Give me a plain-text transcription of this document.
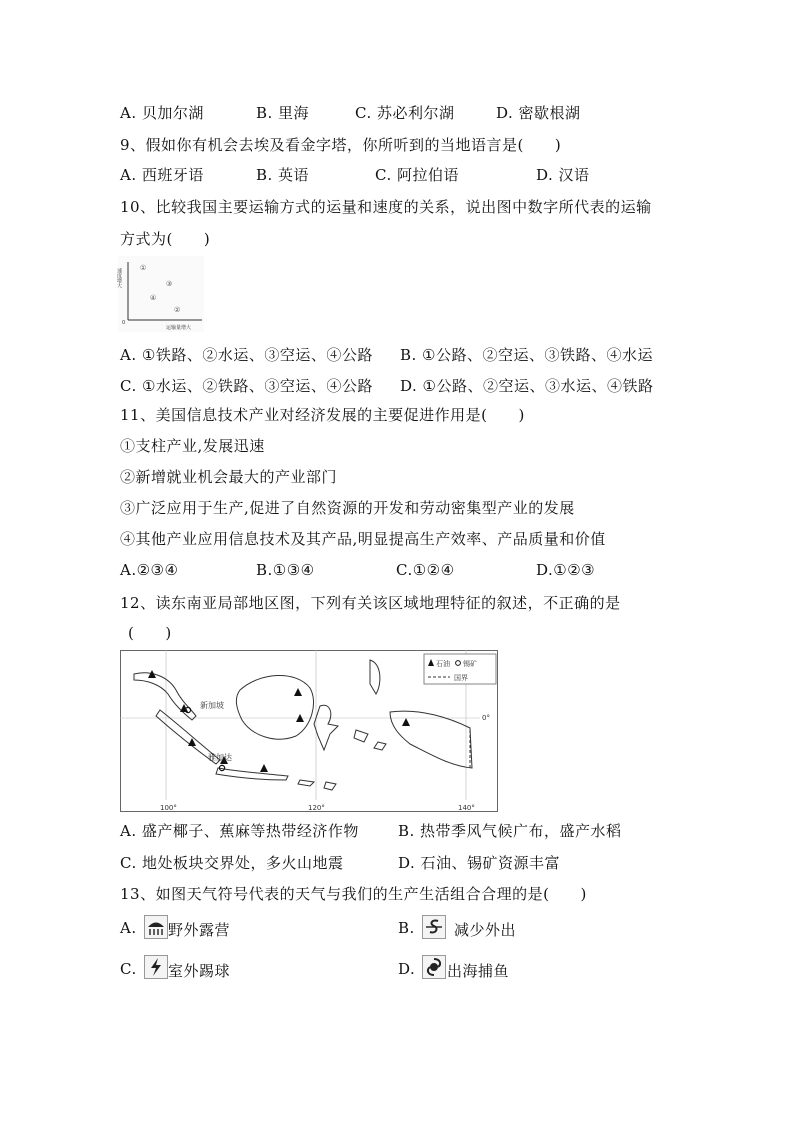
A. 贝加尔湖	B. 里海	C. 苏必利尔湖	D. 密歇根湖
9、假如你有机会去埃及看金字塔，你所听到的当地语言是(　　)
A. 西班牙语	B. 英语	C. 阿拉伯语	D. 汉语
10、比较我国主要运输方式的运量和速度的关系，说出图中数字所代表的运输
方式为(　　)
速度增大
0
运输量增大
①
③
④
②
A. ①铁路、②水运、③空运、④公路 B. ①公路、②空运、③铁路、④水运
C. ①水运、②铁路、③空运、④公路 D. ①公路、②空运、③水运、④铁路
11、美国信息技术产业对经济发展的主要促进作用是(　　)
①支柱产业,发展迅速
②新增就业机会最大的产业部门
③广泛应用于生产,促进了自然资源的开发和劳动密集型产业的发展
④其他产业应用信息技术及其产品,明显提高生产效率、产品质量和价值
A.②③④	B.①③④	C.①②④	D.①②③
12、读东南亚局部地区图，下列有关该区域地理特征的叙述，不正确的是
(　　)
新加坡
雅加达
100°	120°	140°
0°
石油 锡矿
国界
A. 盛产椰子、蕉麻等热带经济作物	B. 热带季风气候广布，盛产水稻
C. 地处板块交界处，多火山地震	D. 石油、锡矿资源丰富
13、如图天气符号代表的天气与我们的生产生活组合合理的是(　　)
A. 野外露营	B.	减少外出
C. 室外踢球	D. 出海捕鱼
